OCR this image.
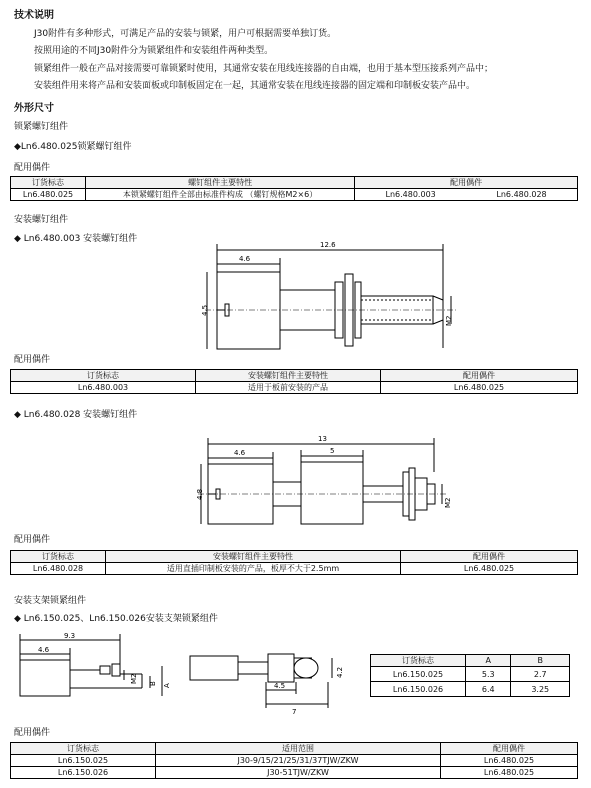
技术说明
J30附件有多种形式，可满足产品的安装与锁紧，用户可根据需要单独订货。
按照用途的不同J30附件分为锁紧组件和安装组件两种类型。
锁紧组件一般在产品对接需要可靠锁紧时使用，其通常安装在甩线连接器的自由端，也用于基本型压接系列产品中；
安装组件用来将产品和安装面板或印制板固定在一起，其通常安装在甩线连接器的固定端和印制板安装产品中。
外形尺寸
锁紧螺钉组件
◆Ln6.480.025锁紧螺钉组件
配用偶件
订货标志	螺钉组件主要特性	配用偶件	
Ln6.480.025	本锁紧螺钉组件全部由标准件构成 （螺钉规格M2×6）	Ln6.480.003	Ln6.480.028
安装螺钉组件
◆ Ln6.480.003 安装螺钉组件
12.6
4.6
4.5
M2
配用偶件
订货标志	安装螺钉组件主要特性	配用偶件
Ln6.480.003	适用于板前安装的产品	Ln6.480.025
◆ Ln6.480.028 安装螺钉组件
13
4.6	5
4.8
M2
配用偶件
订货标志	安装螺钉组件主要特性	配用偶件
Ln6.480.028	适用直插印制板安装的产品，板厚不大于2.5mm	Ln6.480.025
安装支架锁紧组件
◆ Ln6.150.025、Ln6.150.026安装支架锁紧组件
9.3
4.6
M2 B A	4.5
7
4.2
订货标志	A	B
Ln6.150.025	5.3	2.7
Ln6.150.026	6.4	3.25
配用偶件
订货标志	适用范围	配用偶件
Ln6.150.025	J30-9/15/21/25/31/37TJW/ZKW	Ln6.480.025
Ln6.150.026	J30-51TJW/ZKW	Ln6.480.025
